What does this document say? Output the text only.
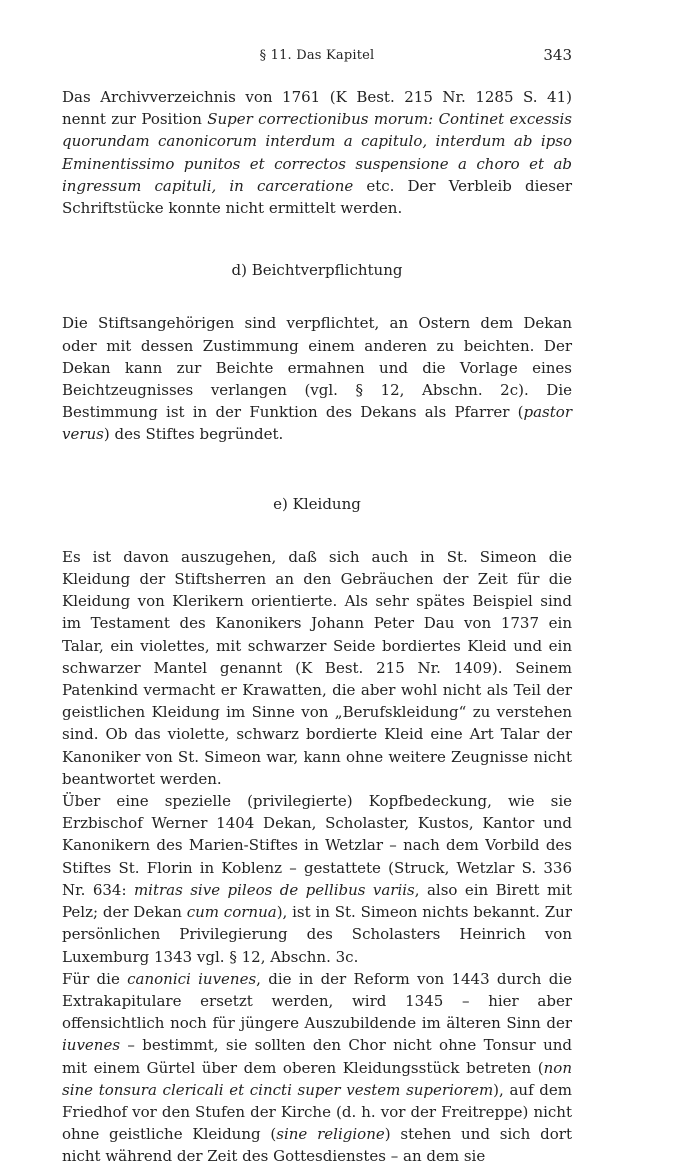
§ 11. Das Kapitel	343

Das Archivverzeichnis von 1761 (K Best. 215 Nr. 1285 S. 41) nennt zur Position Super correctionibus morum: Continet excessis quorundam canonicorum interdum a capitulo, interdum ab ipso Eminentissimo punitos et correctos suspensione a choro et ab ingressum capituli, in carceratione etc. Der Verbleib dieser Schriftstücke konnte nicht ermittelt werden.

d) Beichtverpflichtung

Die Stiftsangehörigen sind verpflichtet, an Ostern dem Dekan oder mit dessen Zustimmung einem anderen zu beichten. Der Dekan kann zur Beichte ermahnen und die Vorlage eines Beichtzeugnisses verlangen (vgl. § 12, Abschn. 2c). Die Bestimmung ist in der Funktion des Dekans als Pfarrer (pastor verus) des Stiftes begründet.

e) Kleidung

Es ist davon auszugehen, daß sich auch in St. Simeon die Kleidung der Stiftsherren an den Gebräuchen der Zeit für die Kleidung von Klerikern orientierte. Als sehr spätes Beispiel sind im Testament des Kanonikers Johann Peter Dau von 1737 ein Talar, ein violettes, mit schwarzer Seide bordiertes Kleid und ein schwarzer Mantel genannt (K Best. 215 Nr. 1409). Seinem Patenkind vermacht er Krawatten, die aber wohl nicht als Teil der geistlichen Kleidung im Sinne von „Berufskleidung“ zu verstehen sind. Ob das violette, schwarz bordierte Kleid eine Art Talar der Kanoniker von St. Simeon war, kann ohne weitere Zeugnisse nicht beantwortet werden.

Über eine spezielle (privilegierte) Kopfbedeckung, wie sie Erzbischof Werner 1404 Dekan, Scholaster, Kustos, Kantor und Kanonikern des Marien-Stiftes in Wetzlar – nach dem Vorbild des Stiftes St. Florin in Koblenz – gestattete (Struck, Wetzlar S. 336 Nr. 634: mitras sive pileos de pellibus variis, also ein Birett mit Pelz; der Dekan cum cornua), ist in St. Simeon nichts bekannt. Zur persönlichen Privilegierung des Scholasters Heinrich von Luxemburg 1343 vgl. § 12, Abschn. 3c.

Für die canonici iuvenes, die in der Reform von 1443 durch die Extrakapitulare ersetzt werden, wird 1345 – hier aber offensichtlich noch für jüngere Auszubildende im älteren Sinn der iuvenes – bestimmt, sie sollten den Chor nicht ohne Tonsur und mit einem Gürtel über dem oberen Kleidungsstück betreten (non sine tonsura clericali et cincti super vestem superiorem), auf dem Friedhof vor den Stufen der Kirche (d. h. vor der Freitreppe) nicht ohne geistliche Kleidung (sine religione) stehen und sich dort nicht während der Zeit des Gottesdienstes – an dem sie
